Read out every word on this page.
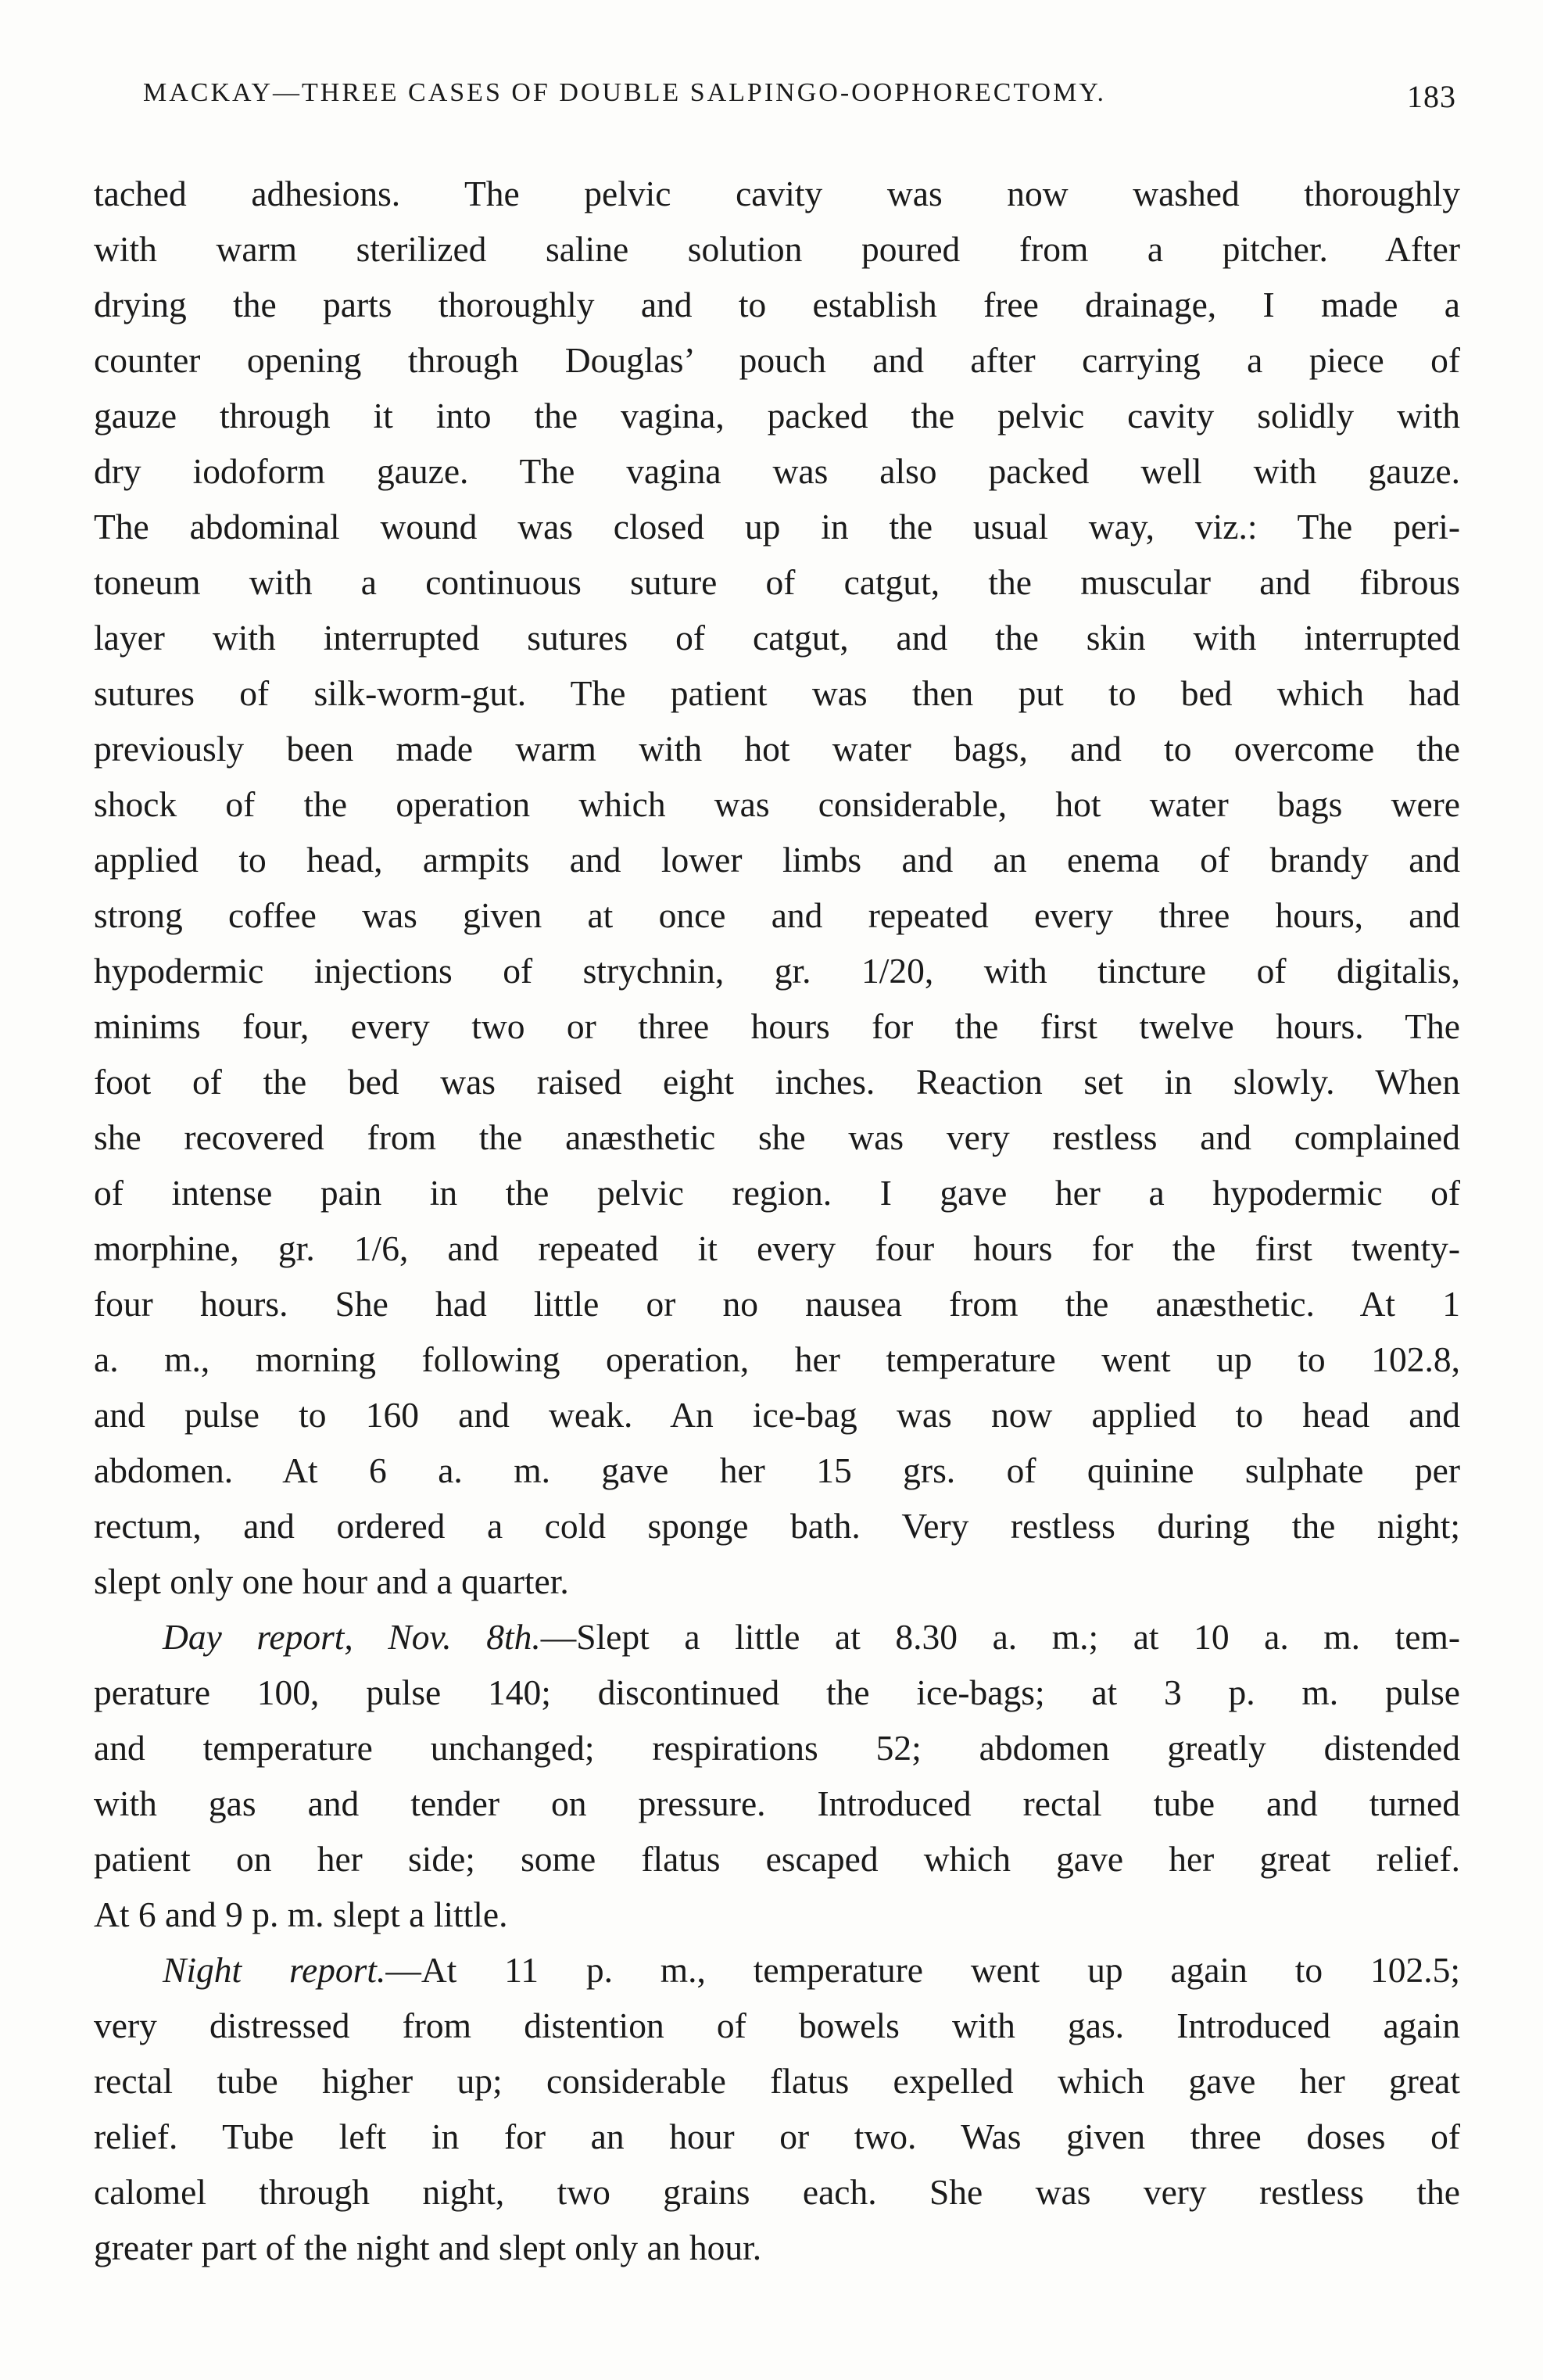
MACKAY—THREE CASES OF DOUBLE SALPINGO-OOPHORECTOMY.	183
tached adhesions. The pelvic cavity was now washed thoroughly
with warm sterilized saline solution poured from a pitcher. After
drying the parts thoroughly and to establish free drainage, I made a
counter opening through Douglas’ pouch and after carrying a piece of
gauze through it into the vagina, packed the pelvic cavity solidly with
dry iodoform gauze. The vagina was also packed well with gauze.
The abdominal wound was closed up in the usual way, viz.: The peri-
toneum with a continuous suture of catgut, the muscular and fibrous
layer with interrupted sutures of catgut, and the skin with interrupted
sutures of silk-worm-gut. The patient was then put to bed which had
previously been made warm with hot water bags, and to overcome the
shock of the operation which was considerable, hot water bags were
applied to head, armpits and lower limbs and an enema of brandy and
strong coffee was given at once and repeated every three hours, and
hypodermic injections of strychnin, gr. 1/20, with tincture of digitalis,
minims four, every two or three hours for the first twelve hours. The
foot of the bed was raised eight inches. Reaction set in slowly. When
she recovered from the anæsthetic she was very restless and complained
of intense pain in the pelvic region. I gave her a hypodermic of
morphine, gr. 1/6, and repeated it every four hours for the first twenty-
four hours. She had little or no nausea from the anæsthetic. At 1
a. m., morning following operation, her temperature went up to 102.8,
and pulse to 160 and weak. An ice-bag was now applied to head and
abdomen. At 6 a. m. gave her 15 grs. of quinine sulphate per
rectum, and ordered a cold sponge bath. Very restless during the night;
slept only one hour and a quarter.
Day report, Nov. 8th.—Slept a little at 8.30 a. m.; at 10 a. m. tem-
perature 100, pulse 140; discontinued the ice-bags; at 3 p. m. pulse
and temperature unchanged; respirations 52; abdomen greatly distended
with gas and tender on pressure. Introduced rectal tube and turned
patient on her side; some flatus escaped which gave her great relief.
At 6 and 9 p. m. slept a little.
Night report.—At 11 p. m., temperature went up again to 102.5;
very distressed from distention of bowels with gas. Introduced again
rectal tube higher up; considerable flatus expelled which gave her great
relief. Tube left in for an hour or two. Was given three doses of
calomel through night, two grains each. She was very restless the
greater part of the night and slept only an hour.
